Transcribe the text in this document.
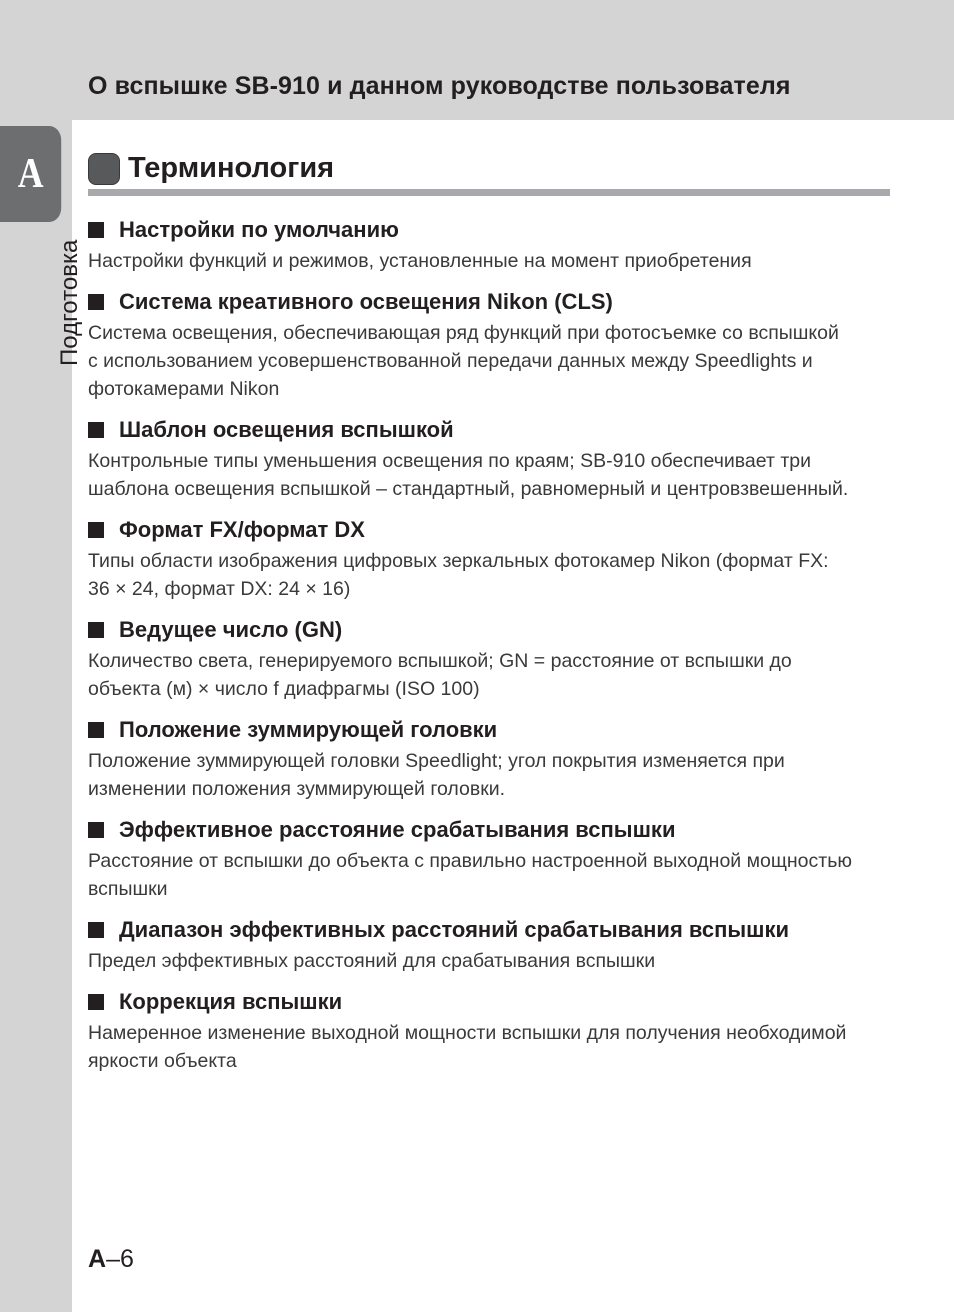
О вспышке SB-910 и данном руководстве пользователя
A
Подготовка
Терминология
Настройки по умолчанию
Настройки функций и режимов, установленные на момент приобретения
Система креативного освещения Nikon (CLS)
Система освещения, обеспечивающая ряд функций при фотосъемке со вспышкой
с использованием усовершенствованной передачи данных между Speedlights и
фотокамерами Nikon
Шаблон освещения вспышкой
Контрольные типы уменьшения освещения по краям; SB-910 обеспечивает три
шаблона освещения вспышкой – стандартный, равномерный и центровзвешенный.
Формат FX/формат DX
Типы области изображения цифровых зеркальных фотокамер Nikon (формат FX:
36 × 24, формат DX: 24 × 16)
Ведущее число (GN)
Количество света, генерируемого вспышкой; GN = расстояние от вспышки до
объекта (м) × число f диафрагмы (ISO 100)
Положение зуммирующей головки
Положение зуммирующей головки Speedlight; угол покрытия изменяется при
изменении положения зуммирующей головки.
Эффективное расстояние срабатывания вспышки
Расстояние от вспышки до объекта с правильно настроенной выходной мощностью
вспышки
Диапазон эффективных расстояний срабатывания вспышки
Предел эффективных расстояний для срабатывания вспышки
Коррекция вспышки
Намеренное изменение выходной мощности вспышки для получения необходимой
яркости объекта
A–6
